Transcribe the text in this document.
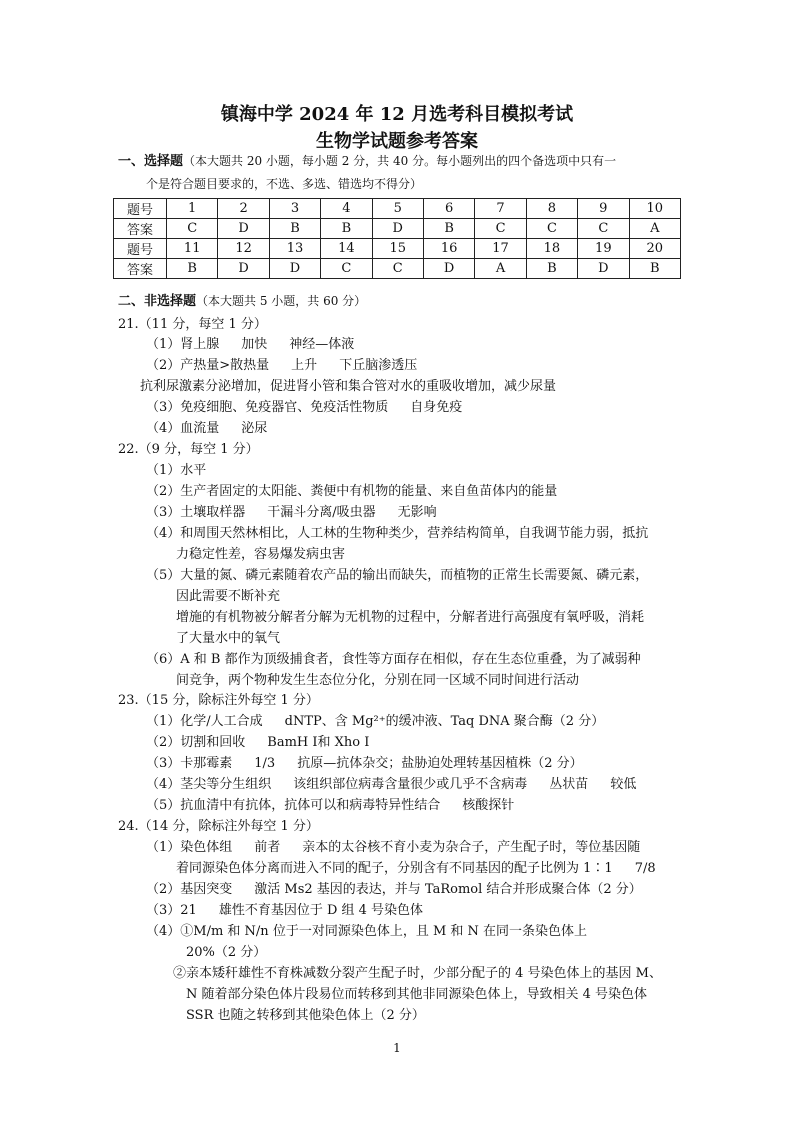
镇海中学 2024 年 12 月选考科目模拟考试
生物学试题参考答案
一、选择题（本大题共 20 小题，每小题 2 分，共 40 分。每小题列出的四个备选项中只有一
个是符合题目要求的，不选、多选、错选均不得分）
题号	1	2	3	4	5	6	7	8	9	10
答案	C	D	B	B	D	B	C	C	C	A
题号	11	12	13	14	15	16	17	18	19	20
答案	B	D	D	C	C	D	A	B	D	B
二、非选择题（本大题共 5 小题，共 60 分）
21.（11 分，每空 1 分）
（1）肾上腺 加快 神经—体液
（2）产热量>散热量 上升 下丘脑渗透压
抗利尿激素分泌增加，促进肾小管和集合管对水的重吸收增加，减少尿量
（3）免疫细胞、免疫器官、免疫活性物质 自身免疫
（4）血流量 泌尿
22.（9 分，每空 1 分）
（1）水平
（2）生产者固定的太阳能、粪便中有机物的能量、来自鱼苗体内的能量
（3）土壤取样器 干漏斗分离/吸虫器 无影响
（4）和周围天然林相比，人工林的生物种类少，营养结构简单，自我调节能力弱，抵抗
力稳定性差，容易爆发病虫害
（5）大量的氮、磷元素随着农产品的输出而缺失，而植物的正常生长需要氮、磷元素，
因此需要不断补充
增施的有机物被分解者分解为无机物的过程中，分解者进行高强度有氧呼吸，消耗
了大量水中的氧气
（6）A 和 B 都作为顶级捕食者，食性等方面存在相似，存在生态位重叠，为了减弱种
间竞争，两个物种发生生态位分化，分别在同一区域不同时间进行活动
23.（15 分，除标注外每空 1 分）
（1）化学/人工合成 dNTP、含 Mg²⁺的缓冲液、Taq DNA 聚合酶（2 分）
（2）切割和回收 BamH Ⅰ和 Xho Ⅰ
（3）卡那霉素 1/3 抗原—抗体杂交；盐胁迫处理转基因植株（2 分）
（4）茎尖等分生组织 该组织部位病毒含量很少或几乎不含病毒 丛状苗 较低
（5）抗血清中有抗体，抗体可以和病毒特异性结合 核酸探针
24.（14 分，除标注外每空 1 分）
（1）染色体组 前者 亲本的太谷核不育小麦为杂合子，产生配子时，等位基因随
着同源染色体分离而进入不同的配子，分别含有不同基因的配子比例为 1∶1 7/8
（2）基因突变 激活 Ms2 基因的表达，并与 TaRomol 结合并形成聚合体（2 分）
（3）21 雄性不育基因位于 D 组 4 号染色体
（4）①M/m 和 N/n 位于一对同源染色体上，且 M 和 N 在同一条染色体上
20%（2 分）
②亲本矮秆雄性不育株减数分裂产生配子时，少部分配子的 4 号染色体上的基因 M、
N 随着部分染色体片段易位而转移到其他非同源染色体上，导致相关 4 号染色体
SSR 也随之转移到其他染色体上（2 分）
1
